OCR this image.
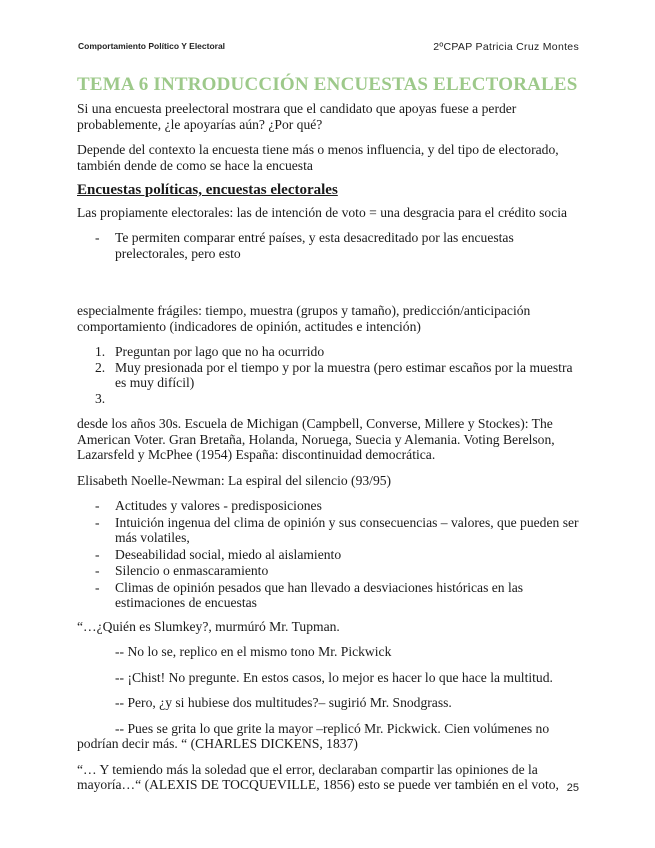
Comportamiento Político Y Electoral	2ºCPAP Patricia Cruz Montes
TEMA 6 INTRODUCCIÓN ENCUESTAS ELECTORALES

Si una encuesta preelectoral mostrara que el candidato que apoyas fuese a perder probablemente, ¿le apoyarías aún? ¿Por qué?

Depende del contexto la encuesta tiene más o menos influencia, y del tipo de electorado, también dende de como se hace la encuesta

Encuestas políticas, encuestas electorales

Las propiamente electorales: las de intención de voto = una desgracia para el crédito socia

- Te permiten comparar entré países, y esta desacreditado por las encuestas prelectorales, pero esto

especialmente frágiles: tiempo, muestra (grupos y tamaño), predicción/anticipación comportamiento (indicadores de opinión, actitudes e intención)

1. Preguntan por lago que no ha ocurrido
2. Muy presionada por el tiempo y por la muestra (pero estimar escaños por la muestra es muy difícil)
3.

desde los años 30s. Escuela de Michigan (Campbell, Converse, Millere y Stockes): The American Voter. Gran Bretaña, Holanda, Noruega, Suecia y Alemania. Voting Berelson, Lazarsfeld y McPhee (1954) España: discontinuidad democrática.

Elisabeth Noelle-Newman: La espiral del silencio (93/95)

- Actitudes y valores - predisposiciones
- Intuición ingenua del clima de opinión y sus consecuencias – valores, que pueden ser más volatiles,
- Deseabilidad social, miedo al aislamiento
- Silencio o enmascaramiento
- Climas de opinión pesados que han llevado a desviaciones históricas en las estimaciones de encuestas

“…¿Quién es Slumkey?, murmúró Mr. Tupman.

-- No lo se, replico en el mismo tono Mr. Pickwick

-- ¡Chist! No pregunte. En estos casos, lo mejor es hacer lo que hace la multitud.

-- Pero, ¿y si hubiese dos multitudes?– sugirió Mr. Snodgrass.

-- Pues se grita lo que grite la mayor –replicó Mr. Pickwick. Cien volúmenes no podrían decir más. “ (CHARLES DICKENS, 1837)

“… Y temiendo más la soledad que el error, declaraban compartir las opiniones de la mayoría…“ (ALEXIS DE TOCQUEVILLE, 1856) esto se puede ver también en el voto, 25
